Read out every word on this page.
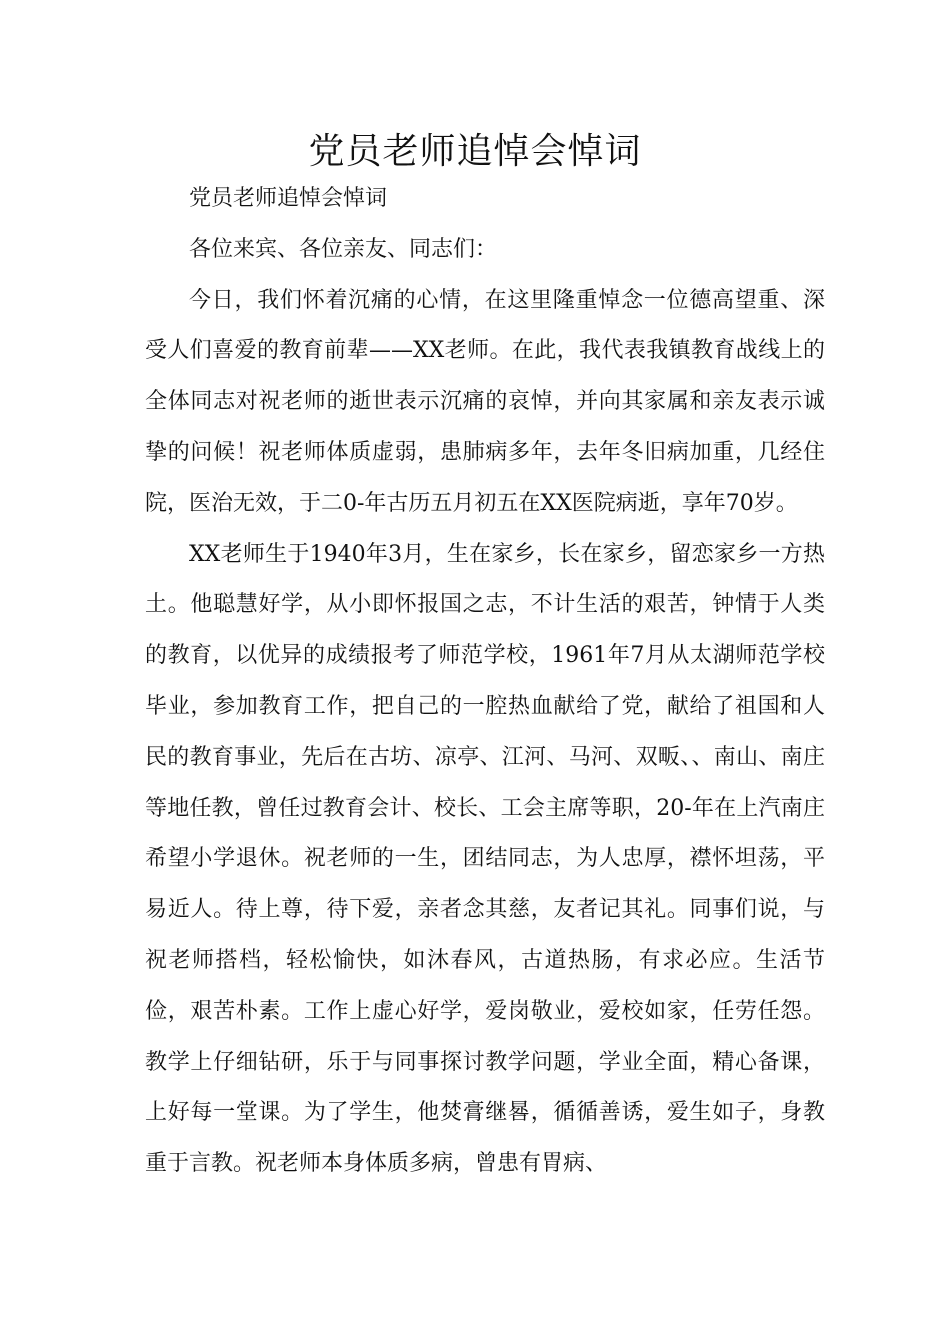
党员老师追悼会悼词

党员老师追悼会悼词

各位来宾、各位亲友、同志们：

今日，我们怀着沉痛的心情，在这里隆重悼念一位德高望重、深受人们喜爱的教育前辈——XX老师。在此，我代表我镇教育战线上的全体同志对祝老师的逝世表示沉痛的哀悼，并向其家属和亲友表示诚挚的问候！祝老师体质虚弱，患肺病多年，去年冬旧病加重，几经住院，医治无效，于二0-年古历五月初五在XX医院病逝，享年70岁。

XX老师生于1940年3月，生在家乡，长在家乡，留恋家乡一方热土。他聪慧好学，从小即怀报国之志，不计生活的艰苦，钟情于人类的教育，以优异的成绩报考了师范学校，1961年7月从太湖师范学校毕业，参加教育工作，把自己的一腔热血献给了党，献给了祖国和人民的教育事业，先后在古坊、凉亭、江河、马河、双畈、、南山、南庄等地任教，曾任过教育会计、校长、工会主席等职，20-年在上汽南庄希望小学退休。祝老师的一生，团结同志，为人忠厚，襟怀坦荡，平易近人。待上尊，待下爱，亲者念其慈，友者记其礼。同事们说，与祝老师搭档，轻松愉快，如沐春风，古道热肠，有求必应。生活节俭，艰苦朴素。工作上虚心好学，爱岗敬业，爱校如家，任劳任怨。教学上仔细钻研，乐于与同事探讨教学问题，学业全面，精心备课，上好每一堂课。为了学生，他焚膏继晷，循循善诱，爱生如子，身教重于言教。祝老师本身体质多病，曾患有胃病、
